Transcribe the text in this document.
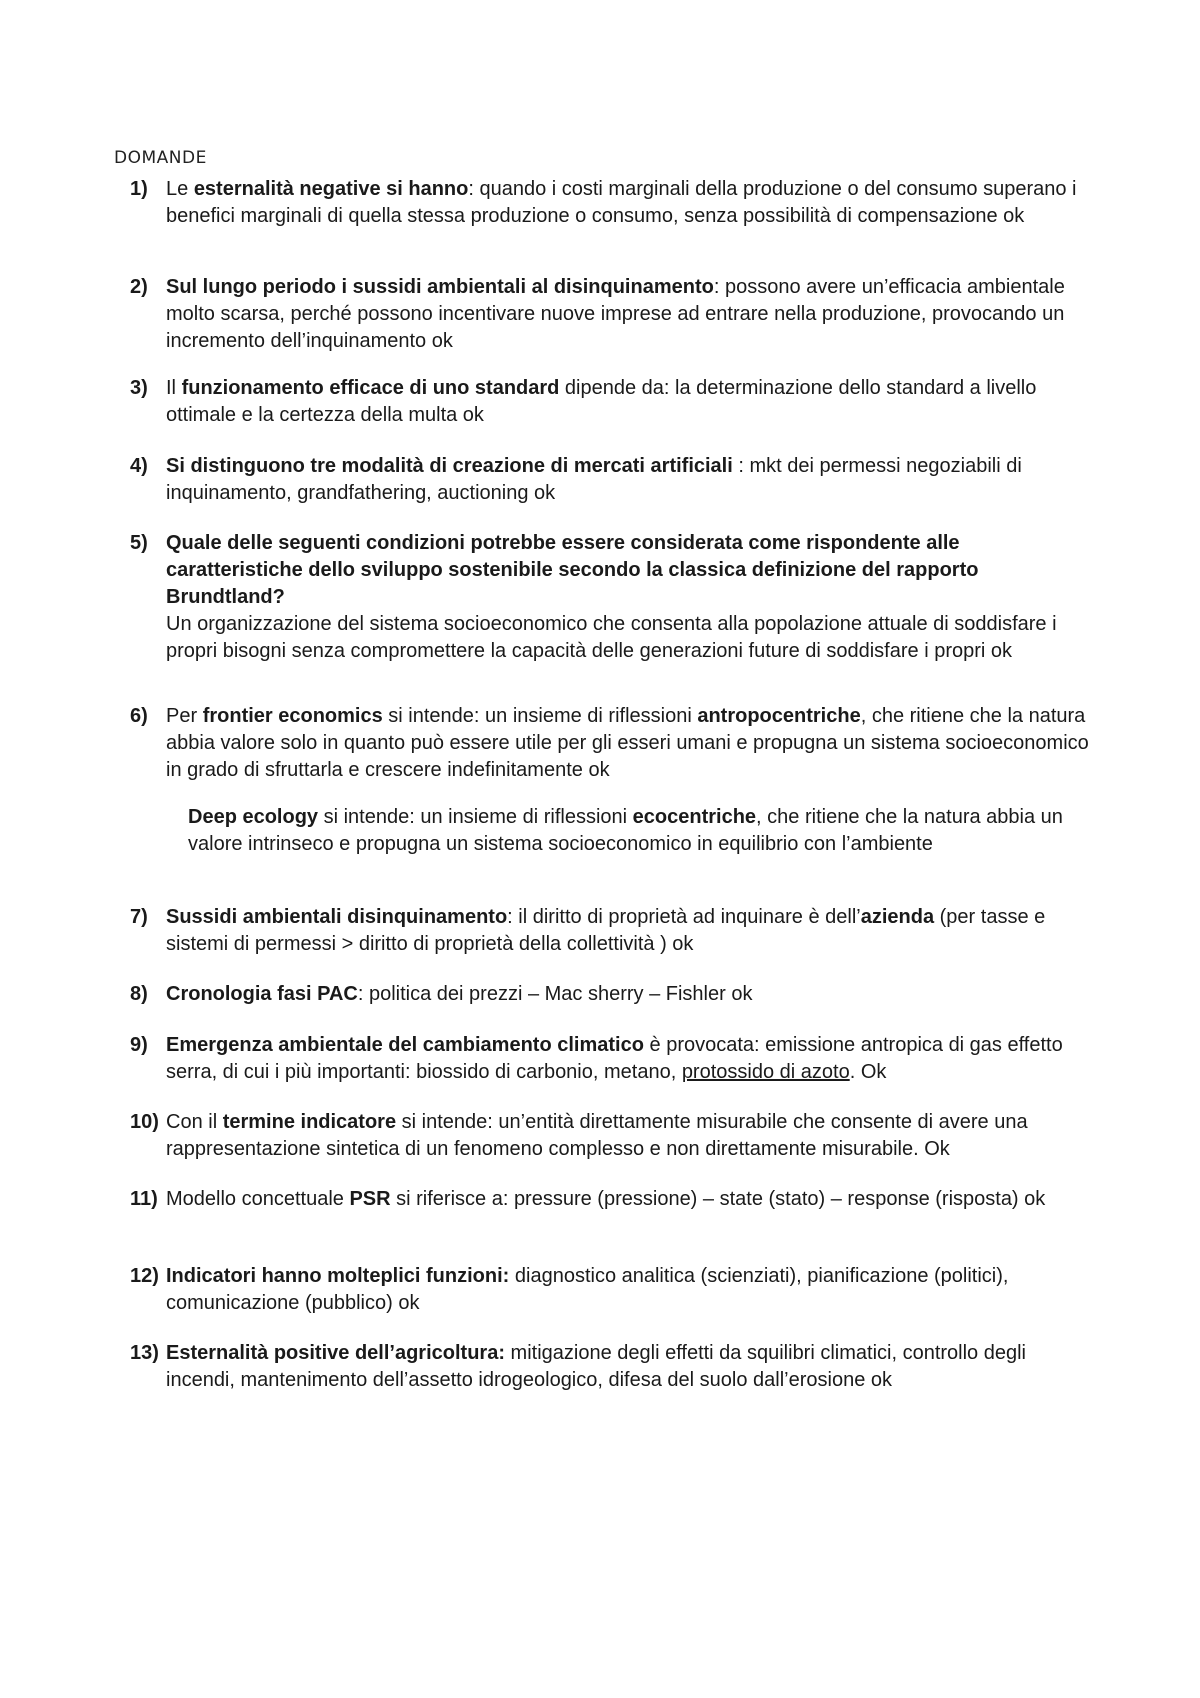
DOMANDE
1) Le esternalità negative si hanno: quando i costi marginali della produzione o del consumo superano i benefici marginali di quella stessa produzione o consumo, senza possibilità di compensazione ok
2) Sul lungo periodo i sussidi ambientali al disinquinamento: possono avere un’efficacia ambientale molto scarsa, perché possono incentivare nuove imprese ad entrare nella produzione, provocando un incremento dell’inquinamento ok
3) Il funzionamento efficace di uno standard dipende da: la determinazione dello standard a livello ottimale e la certezza della multa ok
4) Si distinguono tre modalità di creazione di mercati artificiali : mkt dei permessi negoziabili di inquinamento, grandfathering, auctioning ok
5) Quale delle seguenti condizioni potrebbe essere considerata come rispondente alle caratteristiche dello sviluppo sostenibile secondo la classica definizione del rapporto Brundtland?
Un organizzazione del sistema socioeconomico che consenta alla popolazione attuale di soddisfare i propri bisogni senza compromettere la capacità delle generazioni future di soddisfare i propri ok
6) Per frontier economics si intende: un insieme di riflessioni antropocentriche, che ritiene che la natura abbia valore solo in quanto può essere utile per gli esseri umani e propugna un sistema socioeconomico in grado di sfruttarla e crescere indefinitamente ok
Deep ecology si intende: un insieme di riflessioni ecocentriche, che ritiene che la natura abbia un valore intrinseco e propugna un sistema socioeconomico in equilibrio con l’ambiente
7) Sussidi ambientali disinquinamento: il diritto di proprietà ad inquinare è dell’azienda (per tasse e sistemi di permessi > diritto di proprietà della collettività ) ok
8) Cronologia fasi PAC: politica dei prezzi – Mac sherry – Fishler ok
9) Emergenza ambientale del cambiamento climatico è provocata: emissione antropica di gas effetto serra, di cui i più importanti: biossido di carbonio, metano, protossido di azoto. Ok
10) Con il termine indicatore si intende: un’entità direttamente misurabile che consente di avere una rappresentazione sintetica di un fenomeno complesso e non direttamente misurabile. Ok
11) Modello concettuale PSR si riferisce a: pressure (pressione) – state (stato) – response (risposta) ok
12) Indicatori hanno molteplici funzioni: diagnostico analitica (scienziati), pianificazione (politici), comunicazione (pubblico) ok
13) Esternalità positive dell’agricoltura: mitigazione degli effetti da squilibri climatici, controllo degli incendi, mantenimento dell’assetto idrogeologico, difesa del suolo dall’erosione ok
